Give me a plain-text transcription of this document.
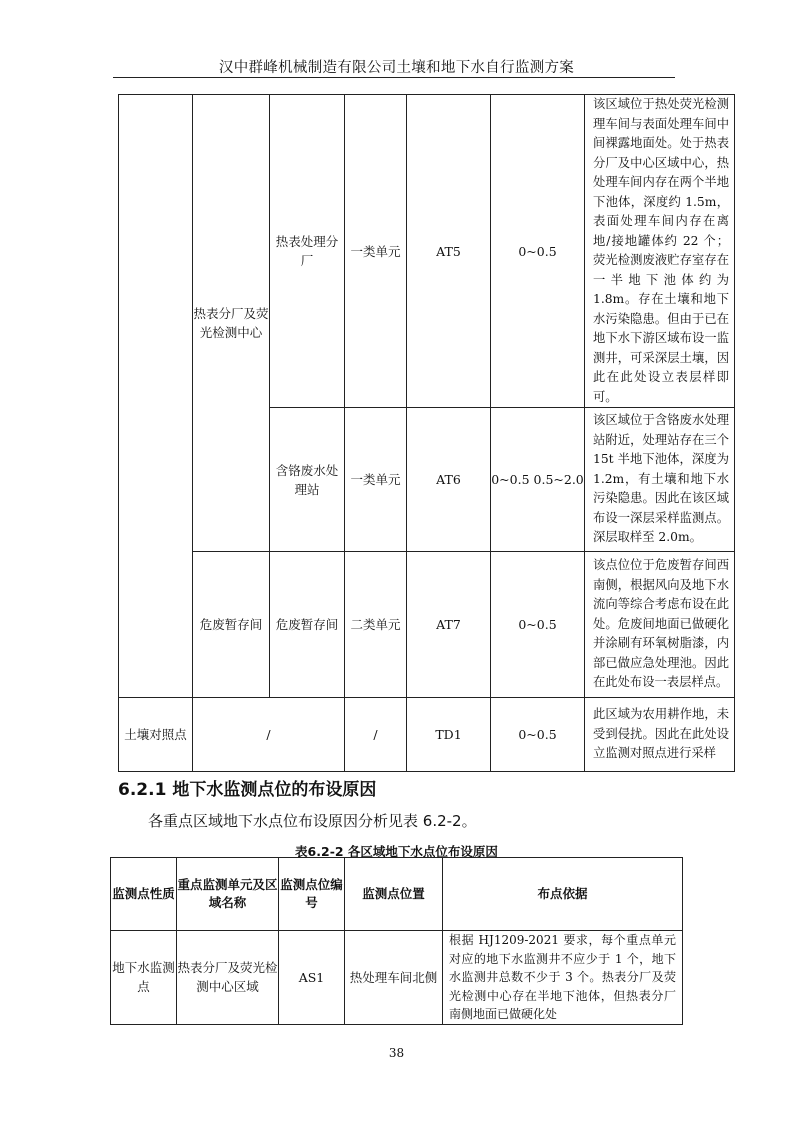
汉中群峰机械制造有限公司土壤和地下水自行监测方案
	热表分厂及荧光检测中心	热表处理分厂	一类单元	AT5	0~0.5	该区域位于热处荧光检测理车间与表面处理车间中间裸露地面处。处于热表分厂及中心区域中心，热处理车间内存在两个半地下池体，深度约 1.5m，表面处理车间内存在离地/接地罐体约 22 个；荧光检测废液贮存室存在一半地下池体约为 1.8m。存在土壤和地下水污染隐患。但由于已在地下水下游区域布设一监测井，可采深层土壤，因此在此处设立表层样即可。
		含铬废水处理站	一类单元	AT6	0~0.5 0.5~2.0	该区域位于含铬废水处理站附近，处理站存在三个 15t 半地下池体，深度为 1.2m，有土壤和地下水污染隐患。因此在该区域布设一深层采样监测点。深层取样至 2.0m。
	危废暂存间	危废暂存间	二类单元	AT7	0~0.5	该点位位于危废暂存间西南侧，根据风向及地下水流向等综合考虑布设在此处。危废间地面已做硬化并涂刷有环氧树脂漆，内部已做应急处理池。因此在此处布设一表层样点。
土壤对照点	/		/	TD1	0~0.5	此区域为农用耕作地，未受到侵扰。因此在此处设立监测对照点进行采样
6.2.1 地下水监测点位的布设原因
各重点区域地下水点位布设原因分析见表 6.2-2。
表6.2-2 各区域地下水点位布设原因
监测点性质	重点监测单元及区域名称	监测点位编号	监测点位置	布点依据
地下水监测点	热表分厂及荧光检测中心区域	AS1	热处理车间北侧	根据 HJ1209-2021 要求，每个重点单元对应的地下水监测井不应少于 1 个，地下水监测井总数不少于 3 个。热表分厂及荧光检测中心存在半地下池体，但热表分厂南侧地面已做硬化处
38
